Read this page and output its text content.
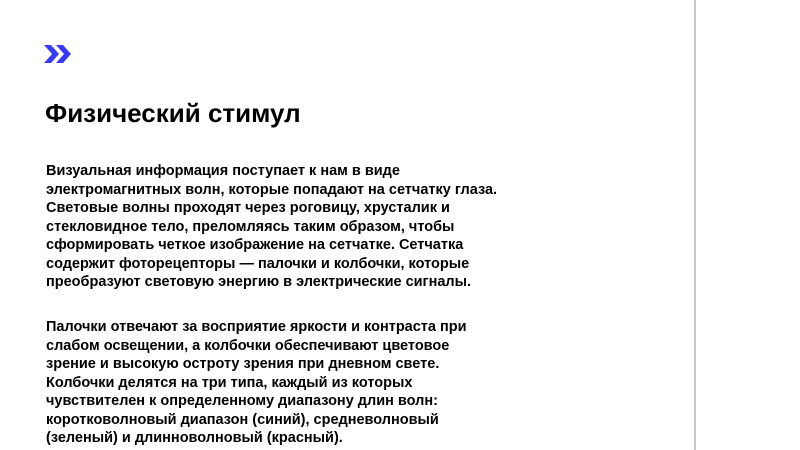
Физический стимул

Визуальная информация поступает к нам в виде
электромагнитных волн, которые попадают на сетчатку глаза.
Световые волны проходят через роговицу, хрусталик и
стекловидное тело, преломляясь таким образом, чтобы
сформировать четкое изображение на сетчатке. Сетчатка
содержит фоторецепторы — палочки и колбочки, которые
преобразуют световую энергию в электрические сигналы.

Палочки отвечают за восприятие яркости и контраста при
слабом освещении, а колбочки обеспечивают цветовое
зрение и высокую остроту зрения при дневном свете.
Колбочки делятся на три типа, каждый из которых
чувствителен к определенному диапазону длин волн:
коротковолновый диапазон (синий), средневолновый
(зеленый) и длинноволновый (красный).
